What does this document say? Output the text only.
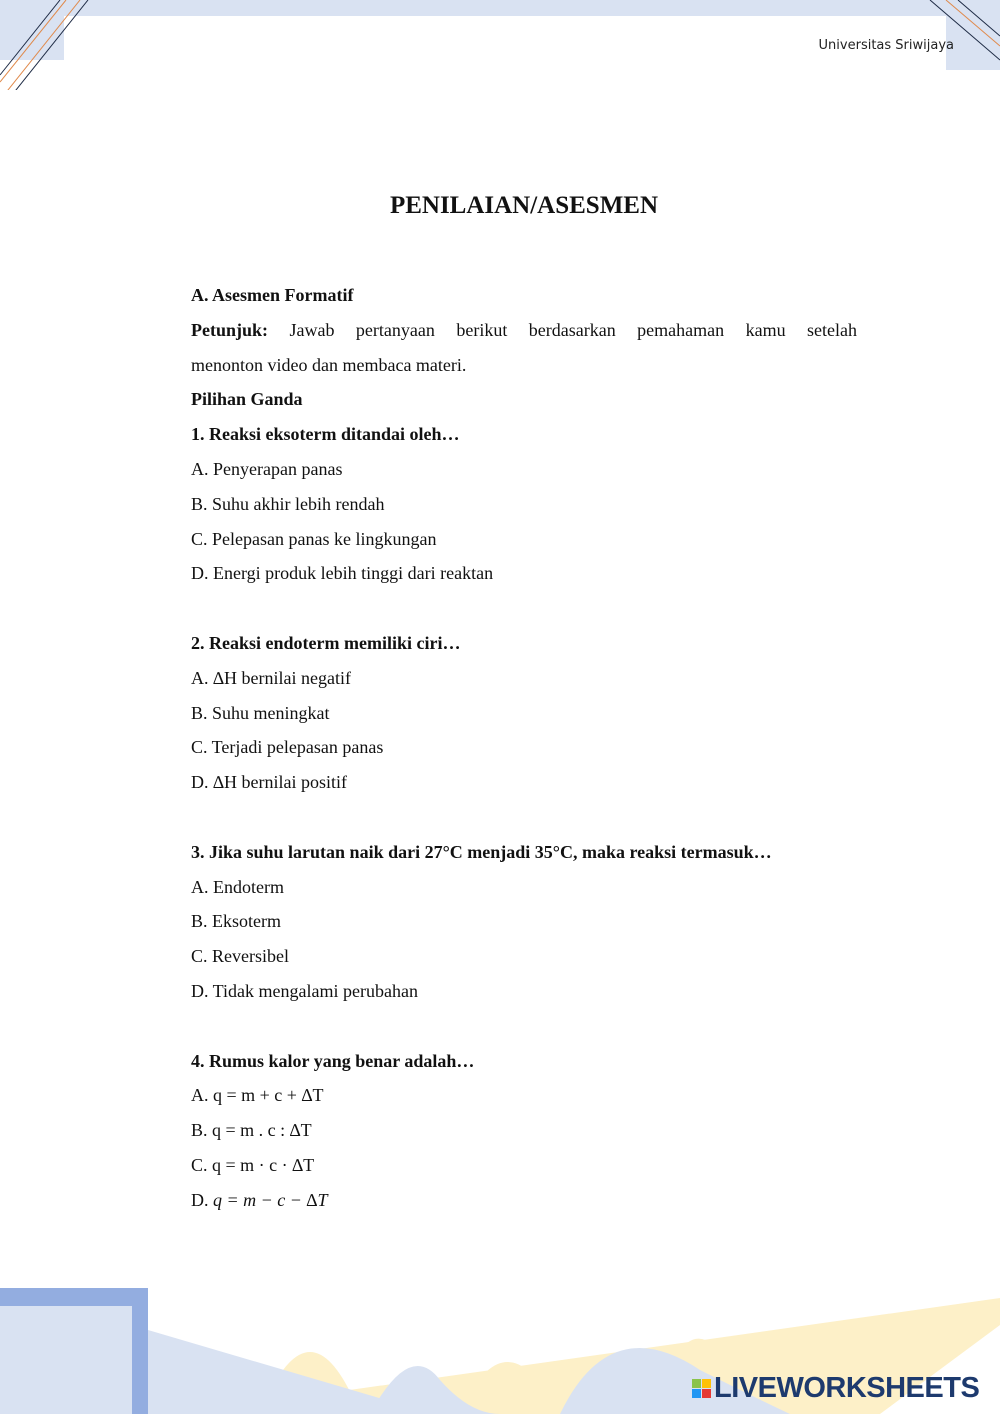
Universitas Sriwijaya
PENILAIAN/ASESMEN
A. Asesmen Formatif
Petunjuk: Jawab pertanyaan berikut berdasarkan pemahaman kamu setelah
menonton video dan membaca materi.
Pilihan Ganda
1. Reaksi eksoterm ditandai oleh…
A. Penyerapan panas
B. Suhu akhir lebih rendah
C. Pelepasan panas ke lingkungan
D. Energi produk lebih tinggi dari reaktan
2. Reaksi endoterm memiliki ciri…
A. ∆H bernilai negatif
B. Suhu meningkat
C. Terjadi pelepasan panas
D. ∆H bernilai positif
3. Jika suhu larutan naik dari 27°C menjadi 35°C, maka reaksi termasuk…
A. Endoterm
B. Eksoterm
C. Reversibel
D. Tidak mengalami perubahan
4. Rumus kalor yang benar adalah…
A. q = m + c + ∆T
B. q = m . c : ∆T
C. q = m · c · ∆T
D. q = m − c − ∆T
LIVEWORKSHEETS
